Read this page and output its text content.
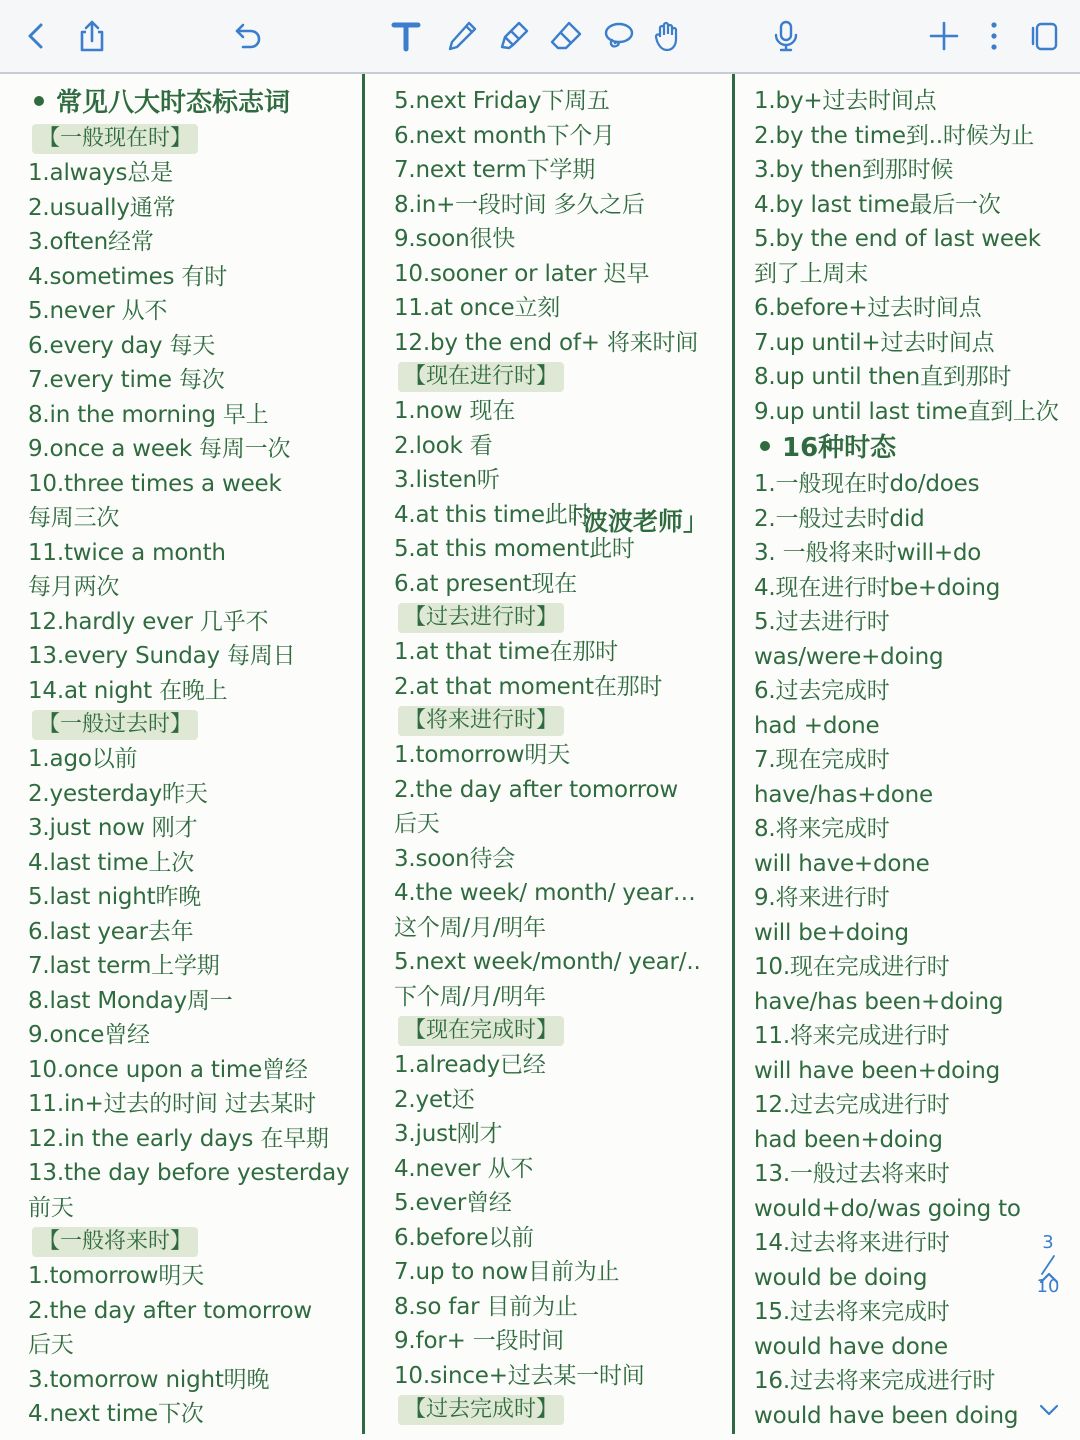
常见八大时态标志词
【一般现在时】
1.always总是
2.usually通常
3.often经常
4.sometimes 有时
5.never 从不
6.every day 每天
7.every time 每次
8.in the morning 早上
9.once a week 每周一次
10.three times a week
每周三次
11.twice a month
每月两次
12.hardly ever 几乎不
13.every Sunday 每周日
14.at night 在晚上
【一般过去时】
1.ago以前
2.yesterday昨天
3.just now 刚才
4.last time上次
5.last night昨晚
6.last year去年
7.last term上学期
8.last Monday周一
9.once曾经
10.once upon a time曾经
11.in+过去的时间 过去某时
12.in the early days 在早期
13.the day before yesterday
前天
【一般将来时】
1.tomorrow明天
2.the day after tomorrow
后天
3.tomorrow night明晚
4.next time下次
5.next Friday下周五
6.next month下个月
7.next term下学期
8.in+一段时间 多久之后
9.soon很快
10.sooner or later 迟早
11.at once立刻
12.by the end of+ 将来时间
【现在进行时】
1.now 现在
2.look 看
3.listen听
4.at this time此时
5.at this moment此时
6.at present现在
【过去进行时】
1.at that time在那时
2.at that moment在那时
【将来进行时】
1.tomorrow明天
2.the day after tomorrow
后天
3.soon待会
4.the week/ month/ year…
这个周/月/明年
5.next week/month/ year/..
下个周/月/明年
【现在完成时】
1.already已经
2.yet还
3.just刚才
4.never 从不
5.ever曾经
6.before以前
7.up to now目前为止
8.so far 目前为止
9.for+ 一段时间
10.since+过去某一时间
【过去完成时】
「波波老师」
1.by+过去时间点
2.by the time到..时候为止
3.by then到那时候
4.by last time最后一次
5.by the end of last week
到了上周末
6.before+过去时间点
7.up until+过去时间点
8.up until then直到那时
9.up until last time直到上次
16种时态
1.一般现在时do/does
2.一般过去时did
3. 一般将来时will+do
4.现在进行时be+doing
5.过去进行时
was/were+doing
6.过去完成时
had +done
7.现在完成时
have/has+done
8.将来完成时
will have+done
9.将来进行时
will be+doing
10.现在完成进行时
have/has been+doing
11.将来完成进行时
will have been+doing
12.过去完成进行时
had been+doing
13.一般过去将来时
would+do/was going to
14.过去将来进行时
would be doing
15.过去将来完成时
would have done
16.过去将来完成进行时
would have been doing
3
10
